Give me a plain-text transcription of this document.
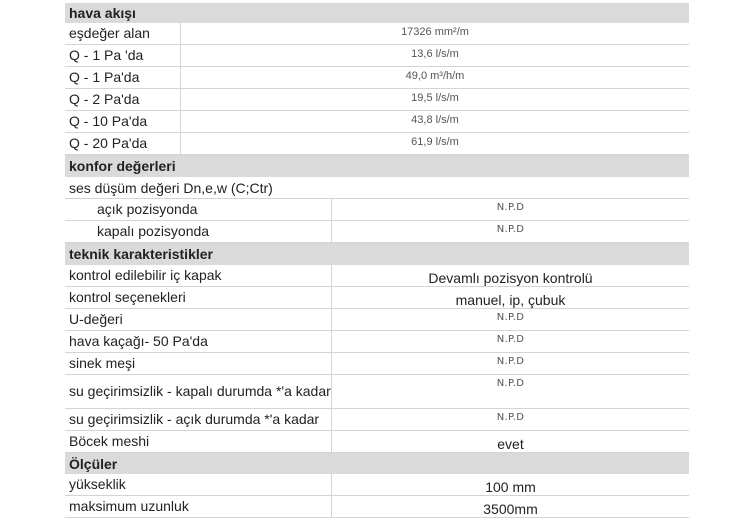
hava akışı
eşdeğer alan	17326 mm²/m
Q - 1 Pa 'da	13,6 l/s/m
Q - 1 Pa'da	49,0 m³/h/m
Q - 2 Pa'da	19,5 l/s/m
Q - 10 Pa'da	43,8 l/s/m
Q - 20 Pa'da	61,9 l/s/m
konfor değerleri
ses düşüm değeri Dn,e,w (C;Ctr)
açık pozisyonda	N.P.D
kapalı pozisyonda	N.P.D
teknik karakteristikler
kontrol edilebilir iç kapak	Devamlı pozisyon kontrolü
kontrol seçenekleri	manuel, ip, çubuk
U-değeri	N.P.D
hava kaçağı- 50 Pa'da	N.P.D
sinek meşi	N.P.D
su geçirimsizlik - kapalı durumda *'a kadar	N.P.D
su geçirimsizlik - açık durumda *'a kadar	N.P.D
Böcek meshi	evet
Ölçüler
yükseklik	100 mm
maksimum uzunluk	3500mm
